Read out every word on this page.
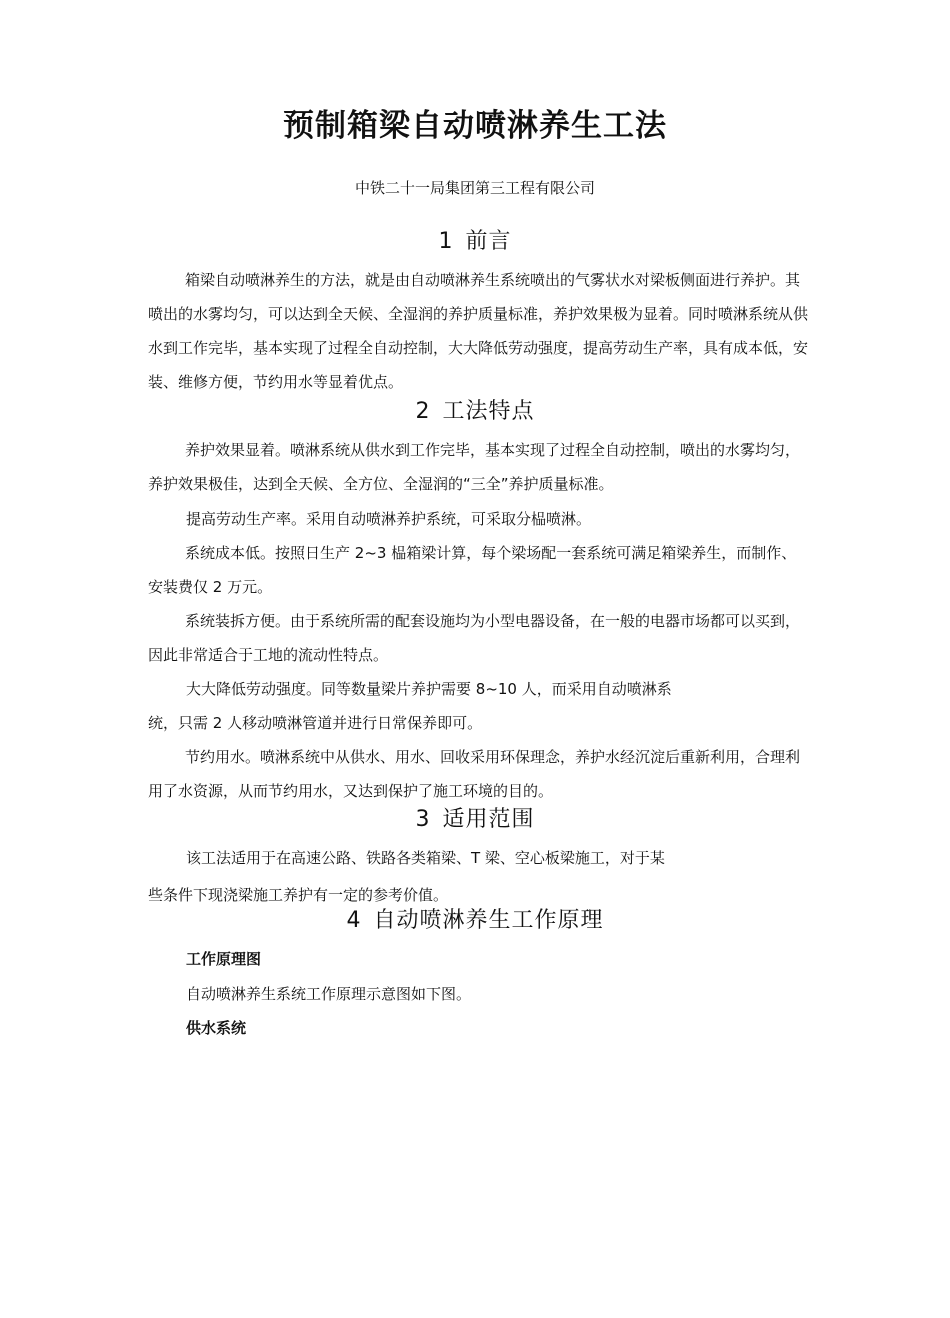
预制箱梁自动喷淋养生工法
中铁二十一局集团第三工程有限公司
1 前言
箱梁自动喷淋养生的方法，就是由自动喷淋养生系统喷出的气雾状水对梁板侧面进行养护。其喷出的水雾均匀，可以达到全天候、全湿润的养护质量标准，养护效果极为显着。同时喷淋系统从供水到工作完毕，基本实现了过程全自动控制，大大降低劳动强度，提高劳动生产率，具有成本低，安装、维修方便，节约用水等显着优点。
2 工法特点
养护效果显着。喷淋系统从供水到工作完毕，基本实现了过程全自动控制，喷出的水雾均匀，养护效果极佳，达到全天候、全方位、全湿润的“三全”养护质量标准。
提高劳动生产率。采用自动喷淋养护系统，可采取分榀喷淋。
系统成本低。按照日生产 2~3 榀箱梁计算，每个梁场配一套系统可满足箱梁养生，而制作、安装费仅 2 万元。
系统装拆方便。由于系统所需的配套设施均为小型电器设备，在一般的电器市场都可以买到，因此非常适合于工地的流动性特点。
大大降低劳动强度。同等数量梁片养护需要 8~10 人，而采用自动喷淋系
统，只需 2 人移动喷淋管道并进行日常保养即可。
节约用水。喷淋系统中从供水、用水、回收采用环保理念，养护水经沉淀后重新利用，合理利用了水资源，从而节约用水，又达到保护了施工环境的目的。
3 适用范围
该工法适用于在高速公路、铁路各类箱梁、T 梁、空心板梁施工，对于某
些条件下现浇梁施工养护有一定的参考价值。
4 自动喷淋养生工作原理
工作原理图
自动喷淋养生系统工作原理示意图如下图。
供水系统
